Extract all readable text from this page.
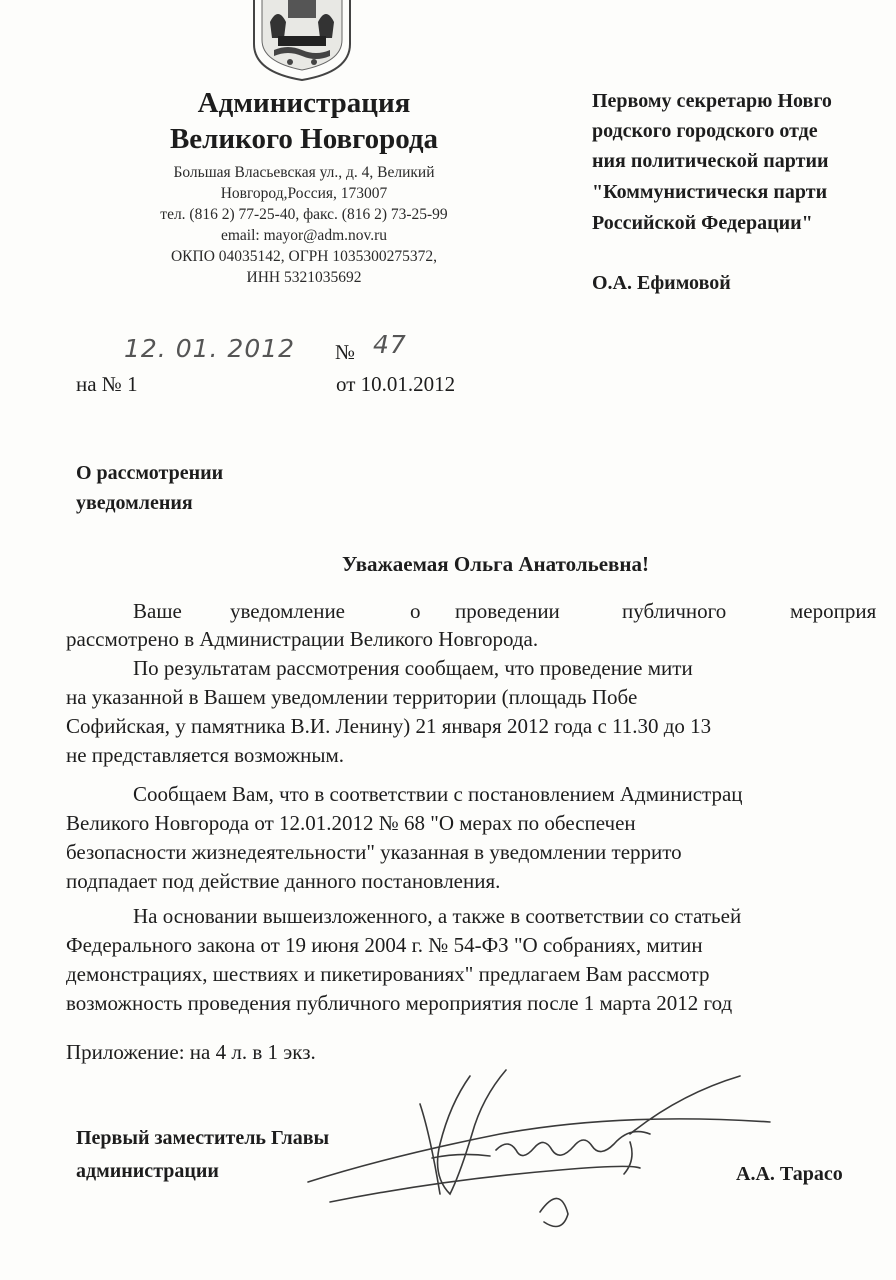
Администрация
Великого Новгорода
Большая Власьевская ул., д. 4, Великий
Новгород,Россия, 173007
тел. (816 2) 77-25-40, факс. (816 2) 73-25-99
email: mayor@adm.nov.ru
ОКПО 04035142, ОГРН 1035300275372,
ИНН 5321035692
Первому секретарю Новго
родского городского отде
ния политической партии
"Коммунистическя парти
Российской Федерации"
О.А. Ефимовой
12. 01. 2012 № 47
на № 1	от 10.01.2012
О рассмотрении
уведомления
Уважаемая Ольга Анатольевна!
Ваше уведомление	о проведении	публичного	мероприя
рассмотрено в Администрации Великого Новгорода.
По результатам рассмотрения сообщаем, что проведение мити
на указанной в Вашем уведомлении территории (площадь Побе
Софийская, у памятника В.И. Ленину) 21 января 2012 года с 11.30 до 13
не представляется возможным.
Сообщаем Вам, что в соответствии с постановлением Администрац
Великого Новгорода от 12.01.2012 № 68 "О мерах по обеспечен
безопасности жизнедеятельности" указанная в уведомлении террито
подпадает под действие данного постановления.
На основании вышеизложенного, а также в соответствии со статьей
Федерального закона от 19 июня 2004 г. № 54-ФЗ "О собраниях, митин
демонстрациях, шествиях и пикетированиях" предлагаем Вам рассмотр
возможность проведения публичного мероприятия после 1 марта 2012 год
Приложение: на 4 л. в 1 экз.
Первый заместитель Главы
администрации	А.А. Тарасо
